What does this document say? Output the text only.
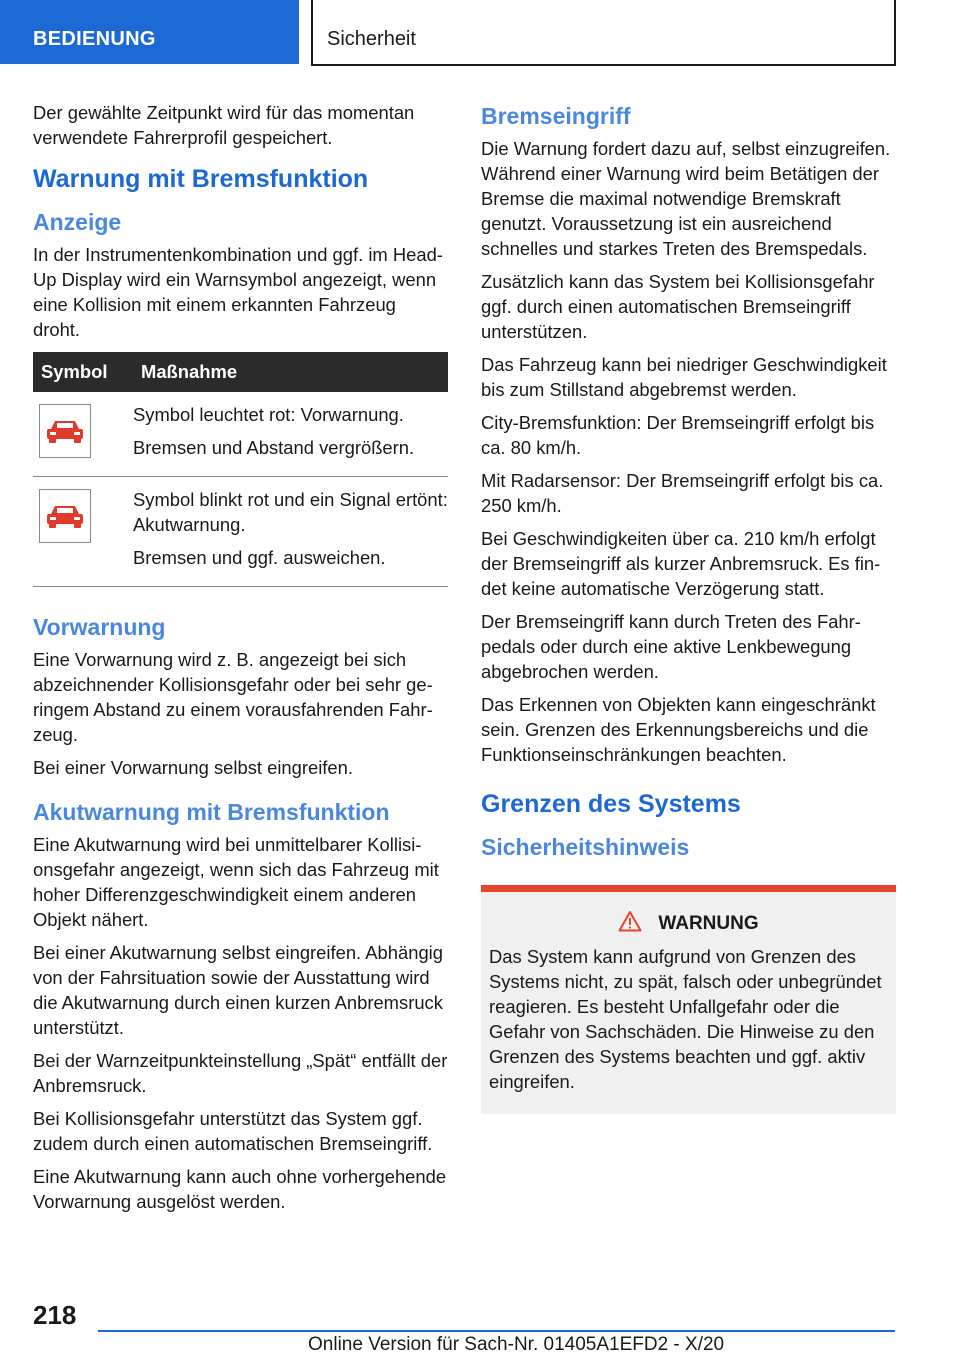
BEDIENUNG	Sicherheit

Der gewählte Zeitpunkt wird für das momentan verwendete Fahrerprofil gespeichert.

Warnung mit Bremsfunktion
Anzeige

In der Instrumentenkombination und ggf. im Head-Up Display wird ein Warnsymbol angezeigt, wenn eine Kollision mit einem erkannten Fahrzeug droht.

Symbol	Maßnahme

Symbol leuchtet rot: Vorwarnung.

Bremsen und Abstand vergrößern.

Symbol blinkt rot und ein Signal ertönt: Akutwarnung.

Bremsen und ggf. ausweichen.

Vorwarnung

Eine Vorwarnung wird z. B. angezeigt bei sich abzeichnender Kollisionsgefahr oder bei sehr geringem Abstand zu einem vorausfahrenden Fahrzeug.

Bei einer Vorwarnung selbst eingreifen.

Akutwarnung mit Bremsfunktion

Eine Akutwarnung wird bei unmittelbarer Kollisionsgefahr angezeigt, wenn sich das Fahrzeug mit hoher Differenzgeschwindigkeit einem anderen Objekt nähert.

Bei einer Akutwarnung selbst eingreifen. Abhängig von der Fahrsituation sowie der Ausstattung wird die Akutwarnung durch einen kurzen Anbremsruck unterstützt.

Bei der Warnzeitpunkteinstellung „Spät“ entfällt der Anbremsruck.

Bei Kollisionsgefahr unterstützt das System ggf. zudem durch einen automatischen Bremseingriff.

Eine Akutwarnung kann auch ohne vorhergehende Vorwarnung ausgelöst werden.

Bremseingriff

Die Warnung fordert dazu auf, selbst einzugreifen. Während einer Warnung wird beim Betätigen der Bremse die maximal notwendige Bremskraft genutzt. Voraussetzung ist ein ausreichend schnelles und starkes Treten des Bremspedals.

Zusätzlich kann das System bei Kollisionsgefahr ggf. durch einen automatischen Bremseingriff unterstützen.

Das Fahrzeug kann bei niedriger Geschwindigkeit bis zum Stillstand abgebremst werden.

City-Bremsfunktion: Der Bremseingriff erfolgt bis ca. 80 km/h.

Mit Radarsensor: Der Bremseingriff erfolgt bis ca. 250 km/h.

Bei Geschwindigkeiten über ca. 210 km/h erfolgt der Bremseingriff als kurzer Anbremsruck. Es findet keine automatische Verzögerung statt.

Der Bremseingriff kann durch Treten des Fahrpedals oder durch eine aktive Lenkbewegung abgebrochen werden.

Das Erkennen von Objekten kann eingeschränkt sein. Grenzen des Erkennungsbereichs und die Funktionseinschränkungen beachten.

Grenzen des Systems
Sicherheitshinweis
WARNUNG

Das System kann aufgrund von Grenzen des Systems nicht, zu spät, falsch oder unbegründet reagieren. Es besteht Unfallgefahr oder die Gefahr von Sachschäden. Die Hinweise zu den Grenzen des Systems beachten und ggf. aktiv eingreifen.

218
Online Version für Sach-Nr. 01405A1EFD2 - X/20
